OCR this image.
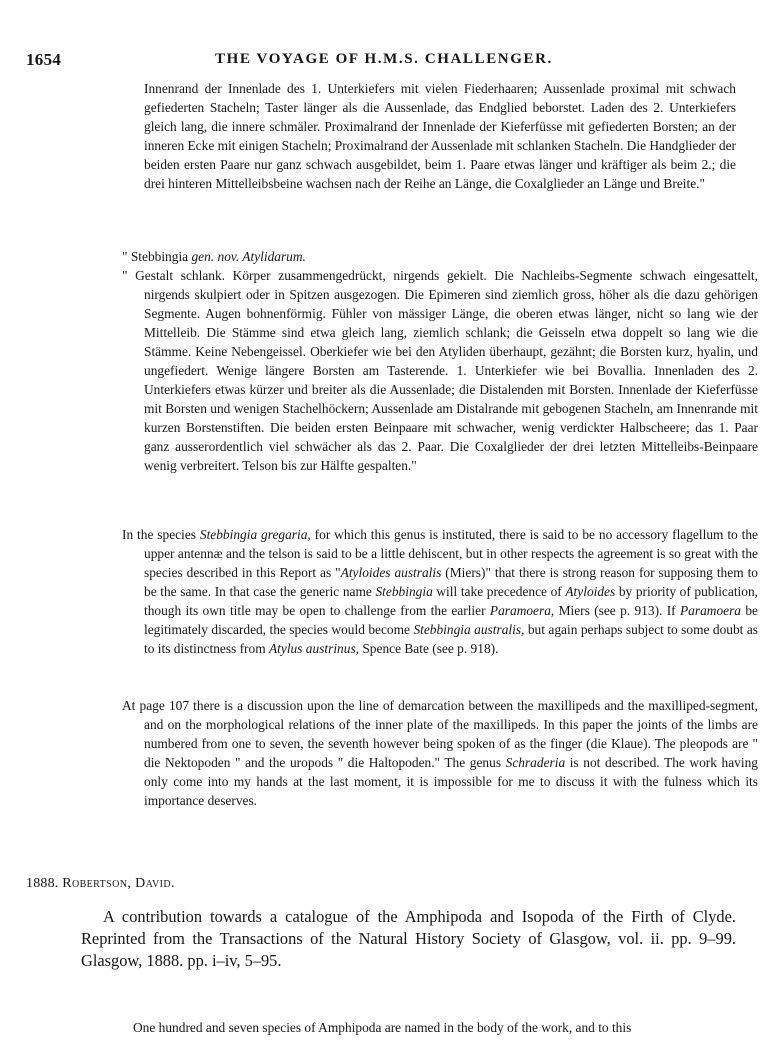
1654	THE VOYAGE OF H.M.S. CHALLENGER.

Innenrand der Innenlade des 1. Unterkiefers mit vielen Fiederhaaren; Aussenlade proximal mit schwach gefiederten Stacheln; Taster länger als die Aussenlade, das Endglied beborstet. Laden des 2. Unterkiefers gleich lang, die innere schmäler. Proximalrand der Innenlade der Kieferfüsse mit gefiederten Borsten; an der inneren Ecke mit einigen Stacheln; Proximalrand der Aussenlade mit schlanken Stacheln. Die Handglieder der beiden ersten Paare nur ganz schwach ausgebildet, beim 1. Paare etwas länger und kräftiger als beim 2.; die drei hinteren Mittelleibsbeine wachsen nach der Reihe an Länge, die Coxalglieder an Länge und Breite."

" Stebbingia gen. nov. Atylidarum.

" Gestalt schlank. Körper zusammengedrückt, nirgends gekielt. Die Nachleibs-Segmente schwach eingesattelt, nirgends skulpiert oder in Spitzen ausgezogen. Die Epimeren sind ziemlich gross, höher als die dazu gehörigen Segmente. Augen bohnenförmig. Fühler von mässiger Länge, die oberen etwas länger, nicht so lang wie der Mittelleib. Die Stämme sind etwa gleich lang, ziemlich schlank; die Geisseln etwa doppelt so lang wie die Stämme. Keine Nebengeissel. Oberkiefer wie bei den Atyliden überhaupt, gezähnt; die Borsten kurz, hyalin, und ungefiedert. Wenige längere Borsten am Tasterende. 1. Unterkiefer wie bei Bovallia. Innenladen des 2. Unterkiefers etwas kürzer und breiter als die Aussenlade; die Distalenden mit Borsten. Innenlade der Kieferfüsse mit Borsten und wenigen Stachelhöckern; Aussenlade am Distalrande mit gebogenen Stacheln, am Innenrande mit kurzen Borstenstiften. Die beiden ersten Beinpaare mit schwacher, wenig verdickter Halbscheere; das 1. Paar ganz ausserordentlich viel schwächer als das 2. Paar. Die Coxalglieder der drei letzten Mittelleibs-Beinpaare wenig verbreitert. Telson bis zur Hälfte gespalten."

In the species Stebbingia gregaria, for which this genus is instituted, there is said to be no accessory flagellum to the upper antennæ and the telson is said to be a little dehiscent, but in other respects the agreement is so great with the species described in this Report as "Atyloides australis (Miers)" that there is strong reason for supposing them to be the same. In that case the generic name Stebbingia will take precedence of Atyloides by priority of publication, though its own title may be open to challenge from the earlier Paramoera, Miers (see p. 913). If Paramoera be legitimately discarded, the species would become Stebbingia australis, but again perhaps subject to some doubt as to its distinctness from Atylus austrinus, Spence Bate (see p. 918).

At page 107 there is a discussion upon the line of demarcation between the maxillipeds and the maxilliped-segment, and on the morphological relations of the inner plate of the maxillipeds. In this paper the joints of the limbs are numbered from one to seven, the seventh however being spoken of as the finger (die Klaue). The pleopods are " die Nektopoden " and the uropods " die Haltopoden." The genus Schraderia is not described. The work having only come into my hands at the last moment, it is impossible for me to discuss it with the fulness which its importance deserves.

1888. Robertson, David.

A contribution towards a catalogue of the Amphipoda and Isopoda of the Firth of Clyde. Reprinted from the Transactions of the Natural History Society of Glasgow, vol. ii. pp. 9–99. Glasgow, 1888. pp. i–iv, 5–95.

One hundred and seven species of Amphipoda are named in the body of the work, and to this
